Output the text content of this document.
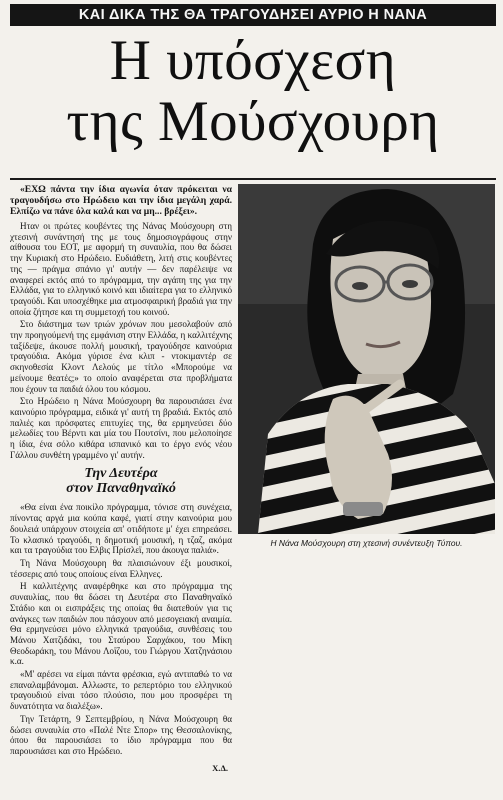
ΚΑΙ ΔΙΚΑ ΤΗΣ ΘΑ ΤΡΑΓΟΥΔΗΣΕΙ ΑΥΡΙΟ Η ΝΑΝΑ
Η υπόσχεση
της Μούσχουρη

«ΕΧΩ πάντα την ίδια αγωνία όταν πρόκειται να τραγουδήσω στο Ηρώδειο και την ίδια μεγάλη χαρά. Ελπίζω να πάνε όλα καλά και να μη... βρέξει».

Ηταν οι πρώτες κουβέντες της Νάνας Μούσχουρη στη χτεσινή συνάντησή της με τους δημοσιογράφους στην αίθουσα του ΕΟΤ, με αφορμή τη συναυλία, που θα δώσει την Κυριακή στο Ηρώδειο. Ευδιάθετη, λιτή στις κουβέντες της — πράγμα σπάνιο γι' αυτήν — δεν παρέλειψε να αναφερεί εκτός από το πρόγραμμα, την αγάπη της για την Ελλάδα, για το ελληνικό κοινό και ιδιαίτερα για το ελληνικό τραγούδι. Και υποσχέθηκε μια ατμοσφαιρική βραδιά για την οποία ζήτησε και τη συμμετοχή του κοινού.

Στο διάστημα των τριών χρόνων που μεσολαβούν από την προηγούμενή της εμφάνιση στην Ελλάδα, η καλλιτέχνης ταξίδεψε, άκουσε πολλή μουσική, τραγούδησε καινούρια τραγούδια. Ακόμα γύρισε ένα κλιπ - ντοκιμαντέρ σε σκηνοθεσία Κλοντ Λελούς με τίτλο «Μπορούμε να μείνουμε θεατές;» το οποίο αναφέρεται στα προβλήματα που έχουν τα παιδιά όλου του κόσμου.

Στο Ηρώδειο η Νάνα Μούσχουρη θα παρουσιάσει ένα καινούριο πρόγραμμα, ειδικά γι' αυτή τη βραδιά. Εκτός από παλιές και πρόσφατες επιτυχίες της, θα ερμηνεύσει δύο μελωδίες του Βέρντι και μία του Πουτσίνι, που μελοποίησε η ίδια, ένα σόλο κιθάρα ισπανικό και το έργο ενός νέου Γάλλου συνθέτη γραμμένο γι' αυτήν.

Την Δευτέρα
στον Παναθηναϊκό

«Θα είναι ένα ποικίλο πρόγραμμα, τόνισε στη συνέχεια, πίνοντας αργά μια κούπα καφέ, γιατί στην καινούρια μου δουλειά υπάρχουν στοιχεία απ' οτιδήποτε μ' έχει επηρεάσει. Το κλασικό τραγούδι, η δημοτική μουσική, η τζαζ, ακόμα και τα τραγούδια του Ελβις Πρίσλεϊ, που άκουγα παλιά».

Τη Νάνα Μούσχουρη θα πλαισιώνουν έξι μουσικοί, τέσσερις από τους οποίους είναι Ελληνες.

Η καλλιτέχνης αναφέρθηκε και στο πρόγραμμα της συναυλίας, που θα δώσει τη Δευτέρα στο Παναθηναϊκό Στάδιο και οι εισπράξεις της οποίας θα διατεθούν για τις ανάγκες των παιδιών που πάσχουν από μεσογειακή αναιμία. Θα ερμηνεύσει μόνο ελληνικά τραγούδια, συνθέσεις του Μάνου Χατζιδάκι, του Σταύρου Σαρχάκου, του Μίκη Θεοδωράκη, του Μάνου Λοΐζου, του Γιώργου Χατζηνάσιου κ.α.

«Μ' αρέσει να είμαι πάντα φρέσκια, εγώ αντιπαθώ το να επαναλαμβάνομαι. Αλλωστε, το ρεπερτόριο του ελληνικού τραγουδιού είναι τόσο πλούσιο, που μου προσφέρει τη δυνατότητα να διαλέξω».

Την Τετάρτη, 9 Σεπτεμβρίου, η Νάνα Μούσχουρη θα δώσει συναυλία στο «Παλέ Ντε Σπορ» της Θεσσαλονίκης, όπου θα παρουσιάσει το ίδιο πρόγραμμα που θα παρουσιάσει και στο Ηρώδειο.

Χ.Δ.
Η Νάνα Μούσχουρη στη χτεσινή συνέντευξη Τύπου.
